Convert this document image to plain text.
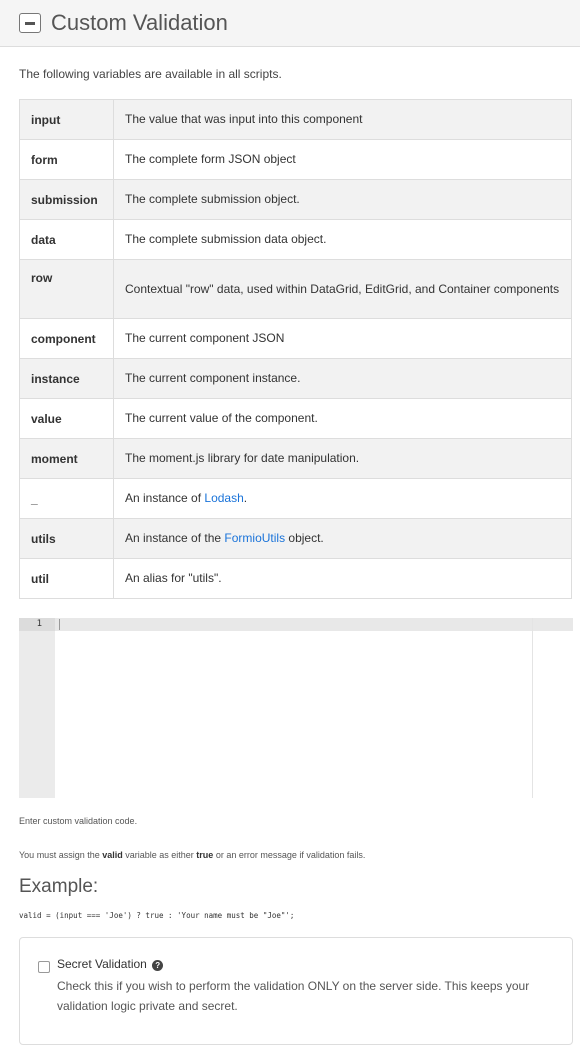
Custom Validation

The following variables are available in all scripts.

input	The value that was input into this component
form	The complete form JSON object
submission	The complete submission object.
data	The complete submission data object.
row	Contextual "row" data, used within DataGrid, EditGrid, and Container components
component	The current component JSON
instance	The current component instance.
value	The current value of the component.
moment	The moment.js library for date manipulation.
_	An instance of Lodash.
utils	An instance of the FormioUtils object.
util	An alias for "utils".
1

Enter custom validation code.

You must assign the valid variable as either true or an error message if validation fails.

Example:
valid = (input === 'Joe') ? true : 'Your name must be "Joe"';
Secret Validation ?
Check this if you wish to perform the validation ONLY on the server side. This keeps your validation logic private and secret.
